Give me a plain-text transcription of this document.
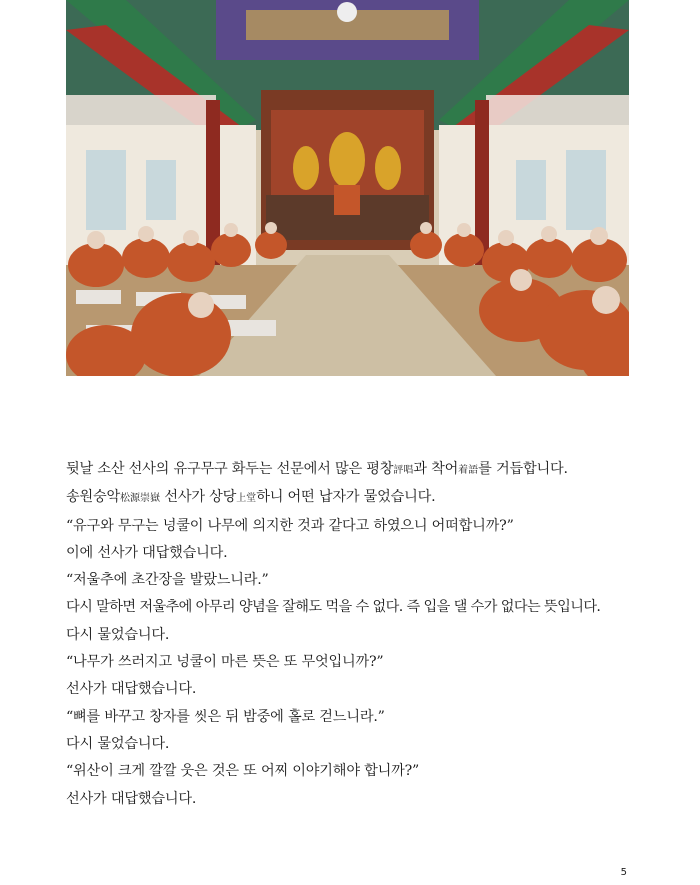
뒷날 소산 선사의 유구무구 화두는 선문에서 많은 평창評唱과 착어着語를 거듭합니다.

송원숭악松源崇嶽 선사가 상당上堂하니 어떤 납자가 물었습니다.

“유구와 무구는 넝쿨이 나무에 의지한 것과 같다고 하였으니 어떠합니까?”

이에 선사가 대답했습니다.

“저울추에 초간장을 발랐느니라.”

다시 말하면 저울추에 아무리 양념을 잘해도 먹을 수 없다. 즉 입을 댈 수가 없다는 뜻입니다.

다시 물었습니다.

“나무가 쓰러지고 넝쿨이 마른 뜻은 또 무엇입니까?”

선사가 대답했습니다.

“뼈를 바꾸고 창자를 씻은 뒤 밤중에 홀로 걷느니라.”

다시 물었습니다.

“위산이 크게 깔깔 웃은 것은 또 어찌 이야기해야 합니까?”

선사가 대답했습니다.

5
